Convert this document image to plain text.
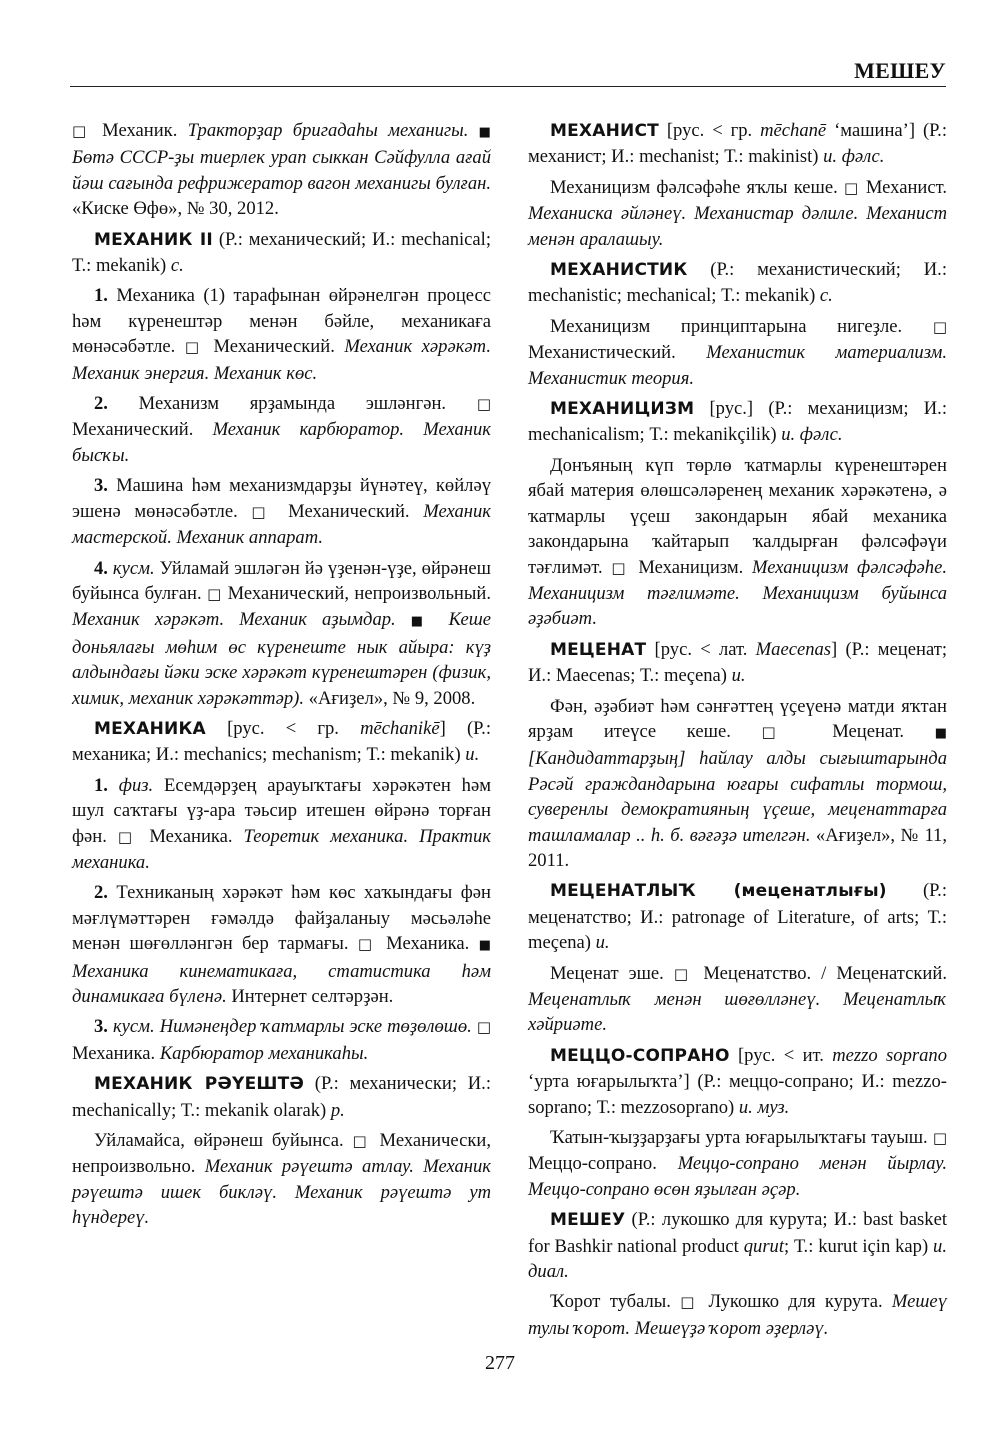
МЕШЕУ

□ Механик. Тракторҙар бригадаһы механигы. ■ Бөтә СССР-ҙы тиерлек урап сыккан Сәйфулла ағай йәш сағында рефрижератор вагон механигы булған. «Киске Өфө», № 30, 2012.

МЕХАНИК II (Р.: механический; И.: mechanical; Т.: mekanik) с.

1. Механика (1) тарафынан өйрәнелгән процесс һәм күренештәр менән бәйле, механикаға мөнәсәбәтле. □ Механический. Механик хәрәкәт. Механик энергия. Механик көс.

2. Механизм ярҙамында эшләнгән. □ Механический. Механик карбюратор. Механик бысҡы.

3. Машина һәм механизмдарҙы йүнәтеү, көйләү эшенә мөнәсәбәтле. □ Механический. Механик мастерской. Механик аппарат.

4. кусм. Уйламай эшләгән йә үҙенән-үҙе, өйрәнеш буйынса булған. □ Механический, непроизвольный. Механик хәрәкәт. Механик аҙымдар. ■ Кеше доньялағы мөһим өс күренеште нык айыра: күҙ алдындағы йәки эске хәрәкәт күренештәрен (физик, химик, механик хәрәкәттәр). «Ағиҙел», № 9, 2008.

МЕХАНИКА [рус. < гр. mēchanikē] (Р.: механика; И.: mechanics; mechanism; Т.: mekanik) и.

1. физ. Есемдәрҙең арауыҡтағы хәрәкәтен һәм шул саҡтағы үҙ-ара тәьсир итешен өйрәнә торған фән. □ Механика. Теоретик механика. Практик механика.

2. Техниканың хәрәкәт һәм көс хаҡындағы фән мәғлүмәттәрен ғәмәлдә файҙаланыу мәсьәләһе менән шөғөлләнгән бер тармағы. □ Механика. ■ Механика кинематикаға, статистика һәм динамикаға бүленә. Интернет селтәрҙән.

3. кусм. Нимәнеңдер ҡатмарлы эске төҙөлөшө. □ Механика. Карбюратор механикаһы.

МЕХАНИК РӘҮЕШТӘ (Р.: механически; И.: mechanically; Т.: mekanik olarak) р.

Уйламайса, өйрәнеш буйынса. □ Механически, непроизвольно. Механик рәүештә атлау. Механик рәүештә ишек бикләү. Механик рәүештә ут һүндереү.

МЕХАНИСТ [рус. < гр. mēchanē ‘машина’] (Р.: механист; И.: mechanist; Т.: makinist) и. фәлс.

Механицизм фәлсәфәһе яҡлы кеше. □ Механист. Механиска әйләнеү. Механистар дәлиле. Механист менән аралашыу.

МЕХАНИСТИК (Р.: механистический; И.: mechanistic; mechanical; Т.: mekanik) с.

Механицизм принциптарына нигеҙле. □ Механистический. Механистик материализм. Механистик теория.

МЕХАНИЦИЗМ [рус.] (Р.: механицизм; И.: mechanicalism; Т.: mekanikçilik) и. фәлс.

Донъяның күп төрлө ҡатмарлы күренештәрен ябай материя өлөшсәләренең механик хәрәкәтенә, ә ҡатмарлы үҫеш закондарын ябай механика закондарына ҡайтарып ҡалдырған фәлсәфәүи тәғлимәт. □ Механицизм. Механицизм фәлсәфәһе. Механицизм тәғлимәте. Механицизм буйынса әҙәбиәт.

МЕЦЕНАТ [рус. < лат. Maecenas] (Р.: меценат; И.: Maecenas; Т.: meçena) и.

Фән, әҙәбиәт һәм сәнғәттең үҫеүенә матди яҡтан ярҙам итеүсе кеше. □ Меценат. ■ [Кандидаттарҙың] һайлау алды сығыштарында Рәсәй граждандарына юғары сифатлы тормош, суверенлы демократияның үҫеше, меценаттарға ташламалар .. һ. б. вәғәҙә ителгән. «Ағиҙел», № 11, 2011.

МЕЦЕНАТЛЫҠ (меценатлығы) (Р.: меценатство; И.: patronage of Literature, of arts; Т.: meçena) и.

Меценат эше. □ Меценатство. / Меценатский. Меценатлыҡ менән шөғөлләнеү. Меценатлыҡ хәйриәте.

МЕЦЦО-СОПРАНО [рус. < ит. mezzo soprano ‘урта юғарылыҡта’] (Р.: меццо-сопрано; И.: mezzo-soprano; Т.: mezzosoprano) и. муз.

Ҡатын-ҡыҙҙарҙағы урта юғарылыҡтағы тауыш. □ Меццо-сопрано. Меццо-сопрано менән йырлау. Меццо-сопрано өсөн яҙылған әҫәр.

МЕШЕУ (Р.: лукошко для курута; И.: bast basket for Bashkir national product qurut; Т.: kurut için kap) и. диал.

Ҡорот тубалы. □ Лукошко для курута. Мешеү тулы ҡорот. Мешеүҙә ҡорот әҙерләү.

277
